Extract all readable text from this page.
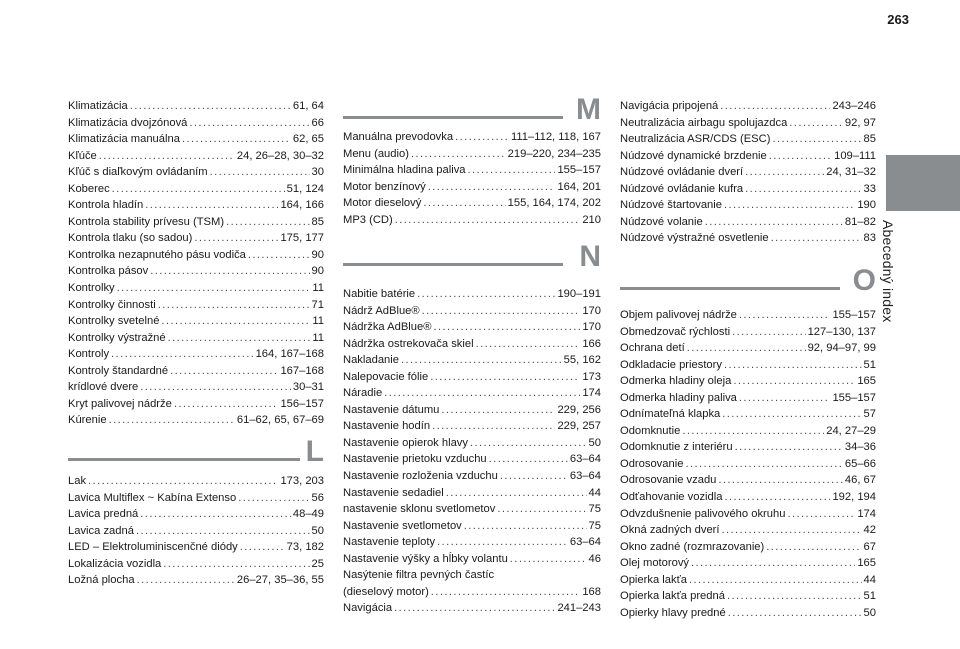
263
Abecedný index
Klimatizácia .....	61, 64
Klimatizácia dvojzónová .....	66
Klimatizácia manuálna .....	62, 65
Kľúče .....	24, 26–28, 30–32
Kľúč s diaľkovým ovládaním .....	30
Koberec .....	51, 124
Kontrola hladín .....	164, 166
Kontrola stability prívesu (TSM) .....	85
Kontrola tlaku (so sadou) .....	175, 177
Kontrolka nezapnutého pásu vodiča .....	90
Kontrolka pásov .....	90
Kontrolky .....	11
Kontrolky činnosti .....	71
Kontrolky svetelné .....	11
Kontrolky výstražné .....	11
Kontroly .....	164, 167–168
Kontroly štandardné .....	167–168
krídlové dvere .....	30–31
Kryt palivovej nádrže .....	156–157
Kúrenie .....	61–62, 65, 67–69
L
Lak .....	173, 203
Lavica Multiflex ~ Kabína Extenso .....	56
Lavica predná .....	48–49
Lavica zadná .....	50
LED – Elektroluminiscenčné diódy .....	73, 182
Lokalizácia vozidla .....	25
Ložná plocha .....	26–27, 35–36, 55
M
Manuálna prevodovka .....	111–112, 118, 167
Menu (audio) .....	219–220, 234–235
Minimálna hladina paliva .....	155–157
Motor benzínový .....	164, 201
Motor dieselový .....	155, 164, 174, 202
MP3 (CD) .....	210
N
Nabitie batérie .....	190–191
Nádrž AdBlue® .....	170
Nádržka AdBlue® .....	170
Nádržka ostrekovača skiel .....	166
Nakladanie .....	55, 162
Nalepovacie fólie .....	173
Náradie .....	174
Nastavenie dátumu .....	229, 256
Nastavenie hodín .....	229, 257
Nastavenie opierok hlavy .....	50
Nastavenie prietoku vzduchu .....	63–64
Nastavenie rozloženia vzduchu .....	63–64
Nastavenie sedadiel .....	44
nastavenie sklonu svetlometov .....	75
Nastavenie svetlometov .....	75
Nastavenie teploty .....	63–64
Nastavenie výšky a hĺbky volantu .....	46
Nasýtenie filtra pevných častíc
(dieselový motor) .....	168
Navigácia .....	241–243
Navigácia pripojená .....	243–246
Neutralizácia airbagu spolujazdca .....	92, 97
Neutralizácia ASR/CDS (ESC) .....	85
Núdzové dynamické brzdenie .....	109–111
Núdzové ovládanie dverí .....	24, 31–32
Núdzové ovládanie kufra .....	33
Núdzové štartovanie .....	190
Núdzové volanie .....	81–82
Núdzové výstražné osvetlenie .....	83
O
Objem palivovej nádrže .....	155–157
Obmedzovač rýchlosti .....	127–130, 137
Ochrana detí .....	92, 94–97, 99
Odkladacie priestory .....	51
Odmerka hladiny oleja .....	165
Odmerka hladiny paliva .....	155–157
Odnímateľná klapka .....	57
Odomknutie .....	24, 27–29
Odomknutie z interiéru .....	34–36
Odrosovanie .....	65–66
Odrosovanie vzadu .....	46, 67
Odťahovanie vozidla .....	192, 194
Odvzdušnenie palivového okruhu .....	174
Okná zadných dverí .....	42
Okno zadné (rozmrazovanie) .....	67
Olej motorový .....	165
Opierka lakťa .....	44
Opierka lakťa predná .....	51
Opierky hlavy predné .....	50
